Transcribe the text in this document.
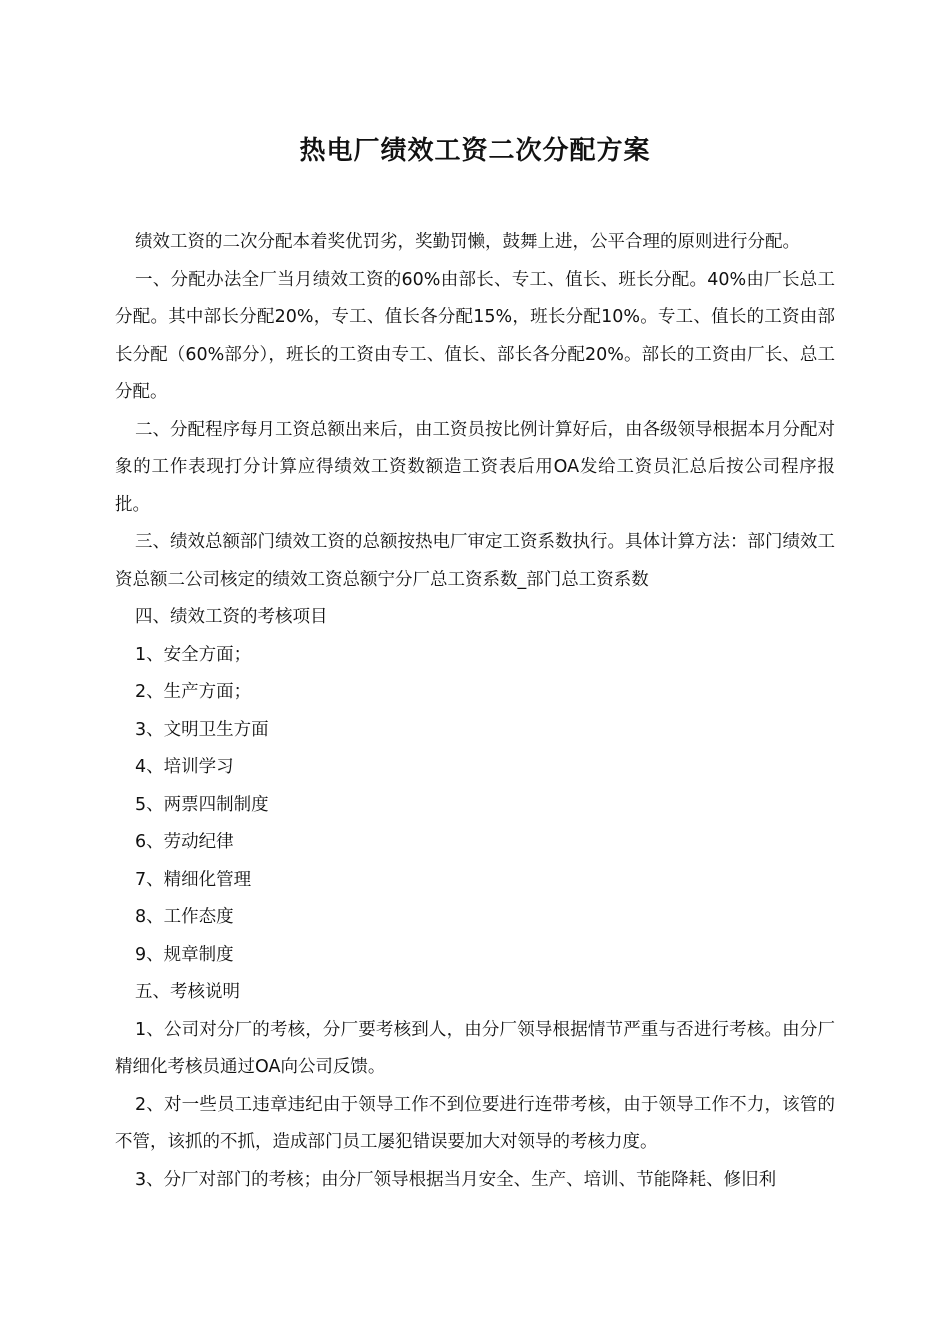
热电厂绩效工资二次分配方案

绩效工资的二次分配本着奖优罚劣，奖勤罚懒，鼓舞上进，公平合理的原则进行分配。

一、分配办法全厂当月绩效工资的60%由部长、专工、值长、班长分配。40%由厂长总工分配。其中部长分配20%，专工、值长各分配15%，班长分配10%。专工、值长的工资由部长分配（60%部分），班长的工资由专工、值长、部长各分配20%。部长的工资由厂长、总工分配。

二、分配程序每月工资总额出来后，由工资员按比例计算好后，由各级领导根据本月分配对象的工作表现打分计算应得绩效工资数额造工资表后用OA发给工资员汇总后按公司程序报批。

三、绩效总额部门绩效工资的总额按热电厂审定工资系数执行。具体计算方法：部门绩效工资总额二公司核定的绩效工资总额宁分厂总工资系数_部门总工资系数

四、绩效工资的考核项目

1、安全方面；

2、生产方面；

3、文明卫生方面

4、培训学习

5、两票四制制度

6、劳动纪律

7、精细化管理

8、工作态度

9、规章制度

五、考核说明

1、公司对分厂的考核，分厂要考核到人，由分厂领导根据情节严重与否进行考核。由分厂精细化考核员通过OA向公司反馈。

2、对一些员工违章违纪由于领导工作不到位要进行连带考核，由于领导工作不力，该管的不管，该抓的不抓，造成部门员工屡犯错误要加大对领导的考核力度。

3、分厂对部门的考核；由分厂领导根据当月安全、生产、培训、节能降耗、修旧利
